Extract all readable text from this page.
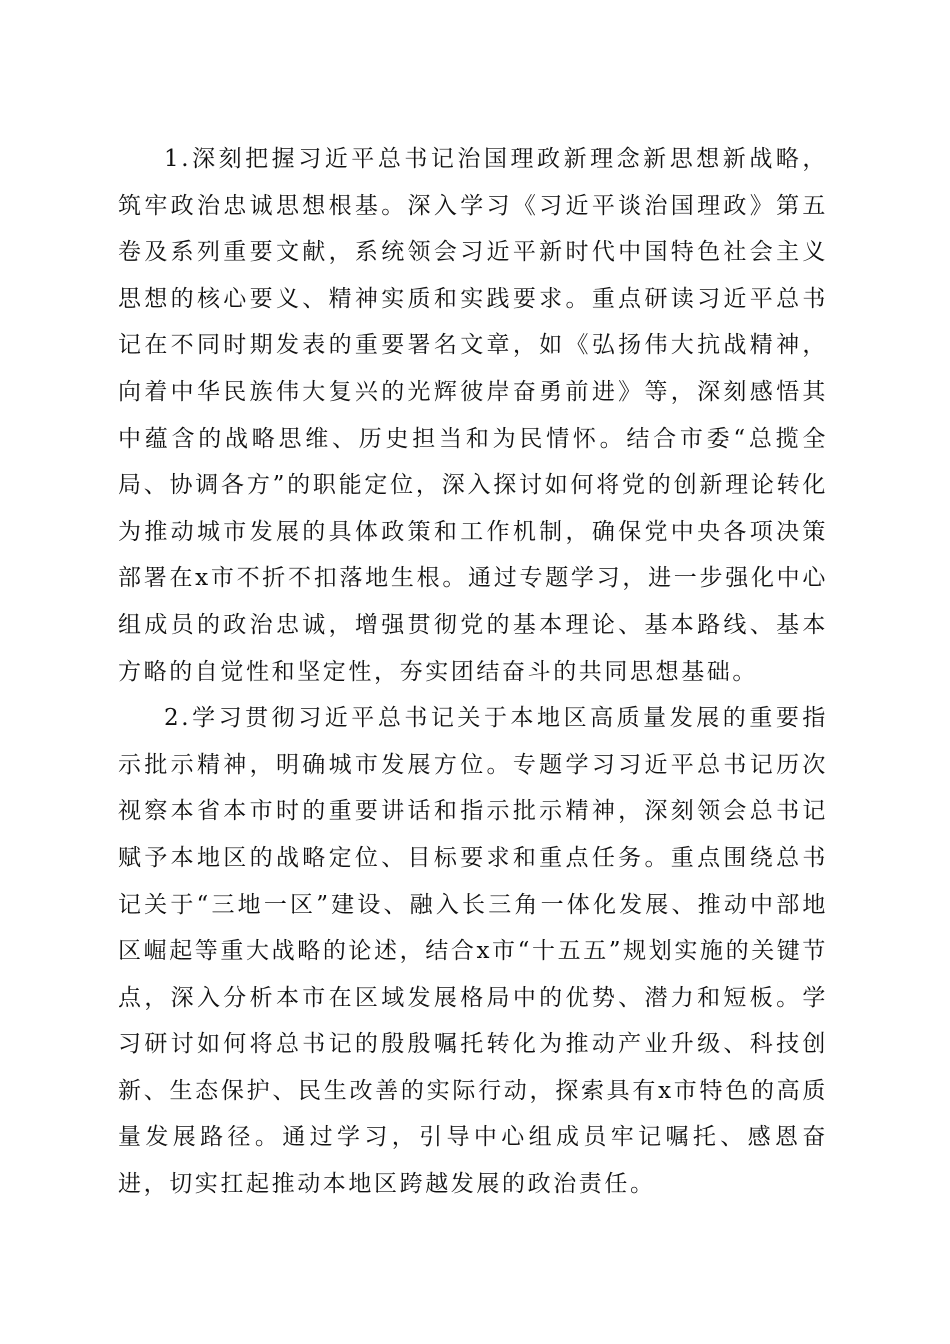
1.深刻把握习近平总书记治国理政新理念新思想新战略，筑牢政治忠诚思想根基。深入学习《习近平谈治国理政》第五卷及系列重要文献，系统领会习近平新时代中国特色社会主义思想的核心要义、精神实质和实践要求。重点研读习近平总书记在不同时期发表的重要署名文章，如《弘扬伟大抗战精神，向着中华民族伟大复兴的光辉彼岸奋勇前进》等，深刻感悟其中蕴含的战略思维、历史担当和为民情怀。结合市委“总揽全局、协调各方”的职能定位，深入探讨如何将党的创新理论转化为推动城市发展的具体政策和工作机制，确保党中央各项决策部署在x市不折不扣落地生根。通过专题学习，进一步强化中心组成员的政治忠诚，增强贯彻党的基本理论、基本路线、基本方略的自觉性和坚定性，夯实团结奋斗的共同思想基础。

2.学习贯彻习近平总书记关于本地区高质量发展的重要指示批示精神，明确城市发展方位。专题学习习近平总书记历次视察本省本市时的重要讲话和指示批示精神，深刻领会总书记赋予本地区的战略定位、目标要求和重点任务。重点围绕总书记关于“三地一区”建设、融入长三角一体化发展、推动中部地区崛起等重大战略的论述，结合x市“十五五”规划实施的关键节点，深入分析本市在区域发展格局中的优势、潜力和短板。学习研讨如何将总书记的殷殷嘱托转化为推动产业升级、科技创新、生态保护、民生改善的实际行动，探索具有x市特色的高质量发展路径。通过学习，引导中心组成员牢记嘱托、感恩奋进，切实扛起推动本地区跨越发展的政治责任。
